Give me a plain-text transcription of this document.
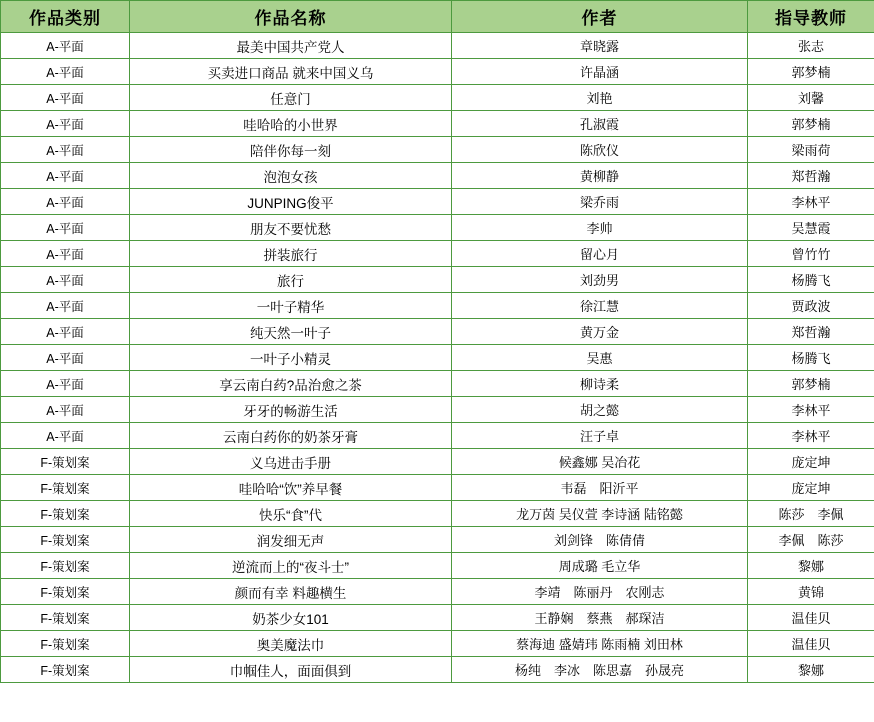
作品类别	作品名称	作者	指导教师
A-平面	最美中国共产党人	章晓露	张志
A-平面	买卖进口商品 就来中国义乌	许晶涵	郭梦楠
A-平面	任意门	刘艳	刘馨
A-平面	哇哈哈的小世界	孔淑霞	郭梦楠
A-平面	陪伴你每一刻	陈欣仪	梁雨荷
A-平面	泡泡女孩	黄柳静	郑哲瀚
A-平面	JUNPING俊平	梁乔雨	李林平
A-平面	朋友不要忧愁	李帅	吴慧霞
A-平面	拼装旅行	留心月	曾竹竹
A-平面	旅行	刘劲男	杨腾飞
A-平面	一叶子精华	徐江慧	贾政波
A-平面	纯天然一叶子	黄万金	郑哲瀚
A-平面	一叶子小精灵	吴惠	杨腾飞
A-平面	享云南白药?品治愈之茶	柳诗柔	郭梦楠
A-平面	牙牙的畅游生活	胡之懿	李林平
A-平面	云南白药你的奶茶牙膏	汪子卓	李林平
F-策划案	义乌进击手册	候鑫娜 吴冶花	庞定坤
F-策划案	哇哈哈“饮”养早餐	韦磊　阳沂平	庞定坤
F-策划案	快乐“食”代	龙万茵 吴仪萱 李诗涵 陆铭懿	陈莎　李佩
F-策划案	润发细无声	刘剑锋　陈倩倩	李佩　陈莎
F-策划案	逆流而上的“夜斗士”	周成璐 毛立华	黎娜
F-策划案	颜而有幸 料趣横生	李靖　陈丽丹　农刚志	黄锦
F-策划案	奶茶少女101	王静娴　蔡燕　郝琛洁	温佳贝
F-策划案	奥美魔法巾	蔡海迪 盛婧玮 陈雨楠 刘田林	温佳贝
F-策划案	巾帼佳人，面面俱到	杨纯　李冰　陈思嘉　孙晟亮	黎娜
